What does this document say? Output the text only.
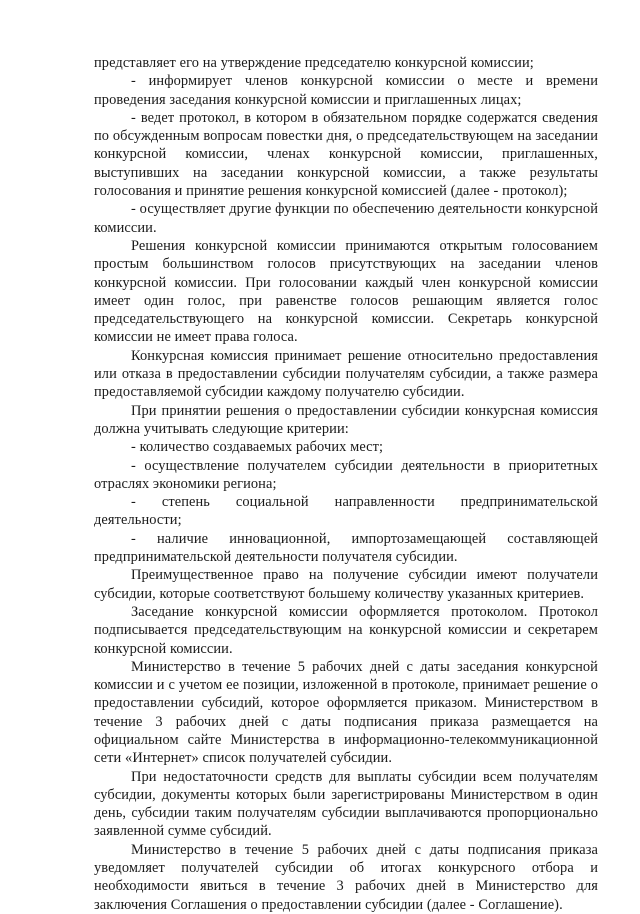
представляет его на утверждение председателю конкурсной комиссии;

- информирует членов конкурсной комиссии о месте и времени проведения заседания конкурсной комиссии и приглашенных лицах;

- ведет протокол, в котором в обязательном порядке содержатся сведения по обсужденным вопросам повестки дня, о председательствующем на заседании конкурсной комиссии, членах конкурсной комиссии, приглашенных, выступивших на заседании конкурсной комиссии, а также результаты голосования и принятие решения конкурсной комиссией (далее - протокол);

- осуществляет другие функции по обеспечению деятельности конкурсной комиссии.

Решения конкурсной комиссии принимаются открытым голосованием простым большинством голосов присутствующих на заседании членов конкурсной комиссии. При голосовании каждый член конкурсной комиссии имеет один голос, при равенстве голосов решающим является голос председательствующего на конкурсной комиссии. Секретарь конкурсной комиссии не имеет права голоса.

Конкурсная комиссия принимает решение относительно предоставления или отказа в предоставлении субсидии получателям субсидии, а также размера предоставляемой субсидии каждому получателю субсидии.

При принятии решения о предоставлении субсидии конкурсная комиссия должна учитывать следующие критерии:

- количество создаваемых рабочих мест;

- осуществление получателем субсидии деятельности в приоритетных отраслях экономики региона;

- степень социальной направленности предпринимательской деятельности;

- наличие инновационной, импортозамещающей составляющей предпринимательской деятельности получателя субсидии.

Преимущественное право на получение субсидии имеют получатели субсидии, которые соответствуют большему количеству указанных критериев.

Заседание конкурсной комиссии оформляется протоколом. Протокол подписывается председательствующим на конкурсной комиссии и секретарем конкурсной комиссии.

Министерство в течение 5 рабочих дней с даты заседания конкурсной комиссии и с учетом ее позиции, изложенной в протоколе, принимает решение о предоставлении субсидий, которое оформляется приказом. Министерством в течение 3 рабочих дней с даты подписания приказа размещается на официальном сайте Министерства в информационно-телекоммуникационной сети «Интернет» список получателей субсидии.

При недостаточности средств для выплаты субсидии всем получателям субсидии, документы которых были зарегистрированы Министерством в один день, субсидии таким получателям субсидии выплачиваются пропорционально заявленной сумме субсидий.

Министерство в течение 5 рабочих дней с даты подписания приказа уведомляет получателей субсидии об итогах конкурсного отбора и необходимости явиться в течение 3 рабочих дней в Министерство для заключения Соглашения о предоставлении субсидии (далее - Соглашение).
